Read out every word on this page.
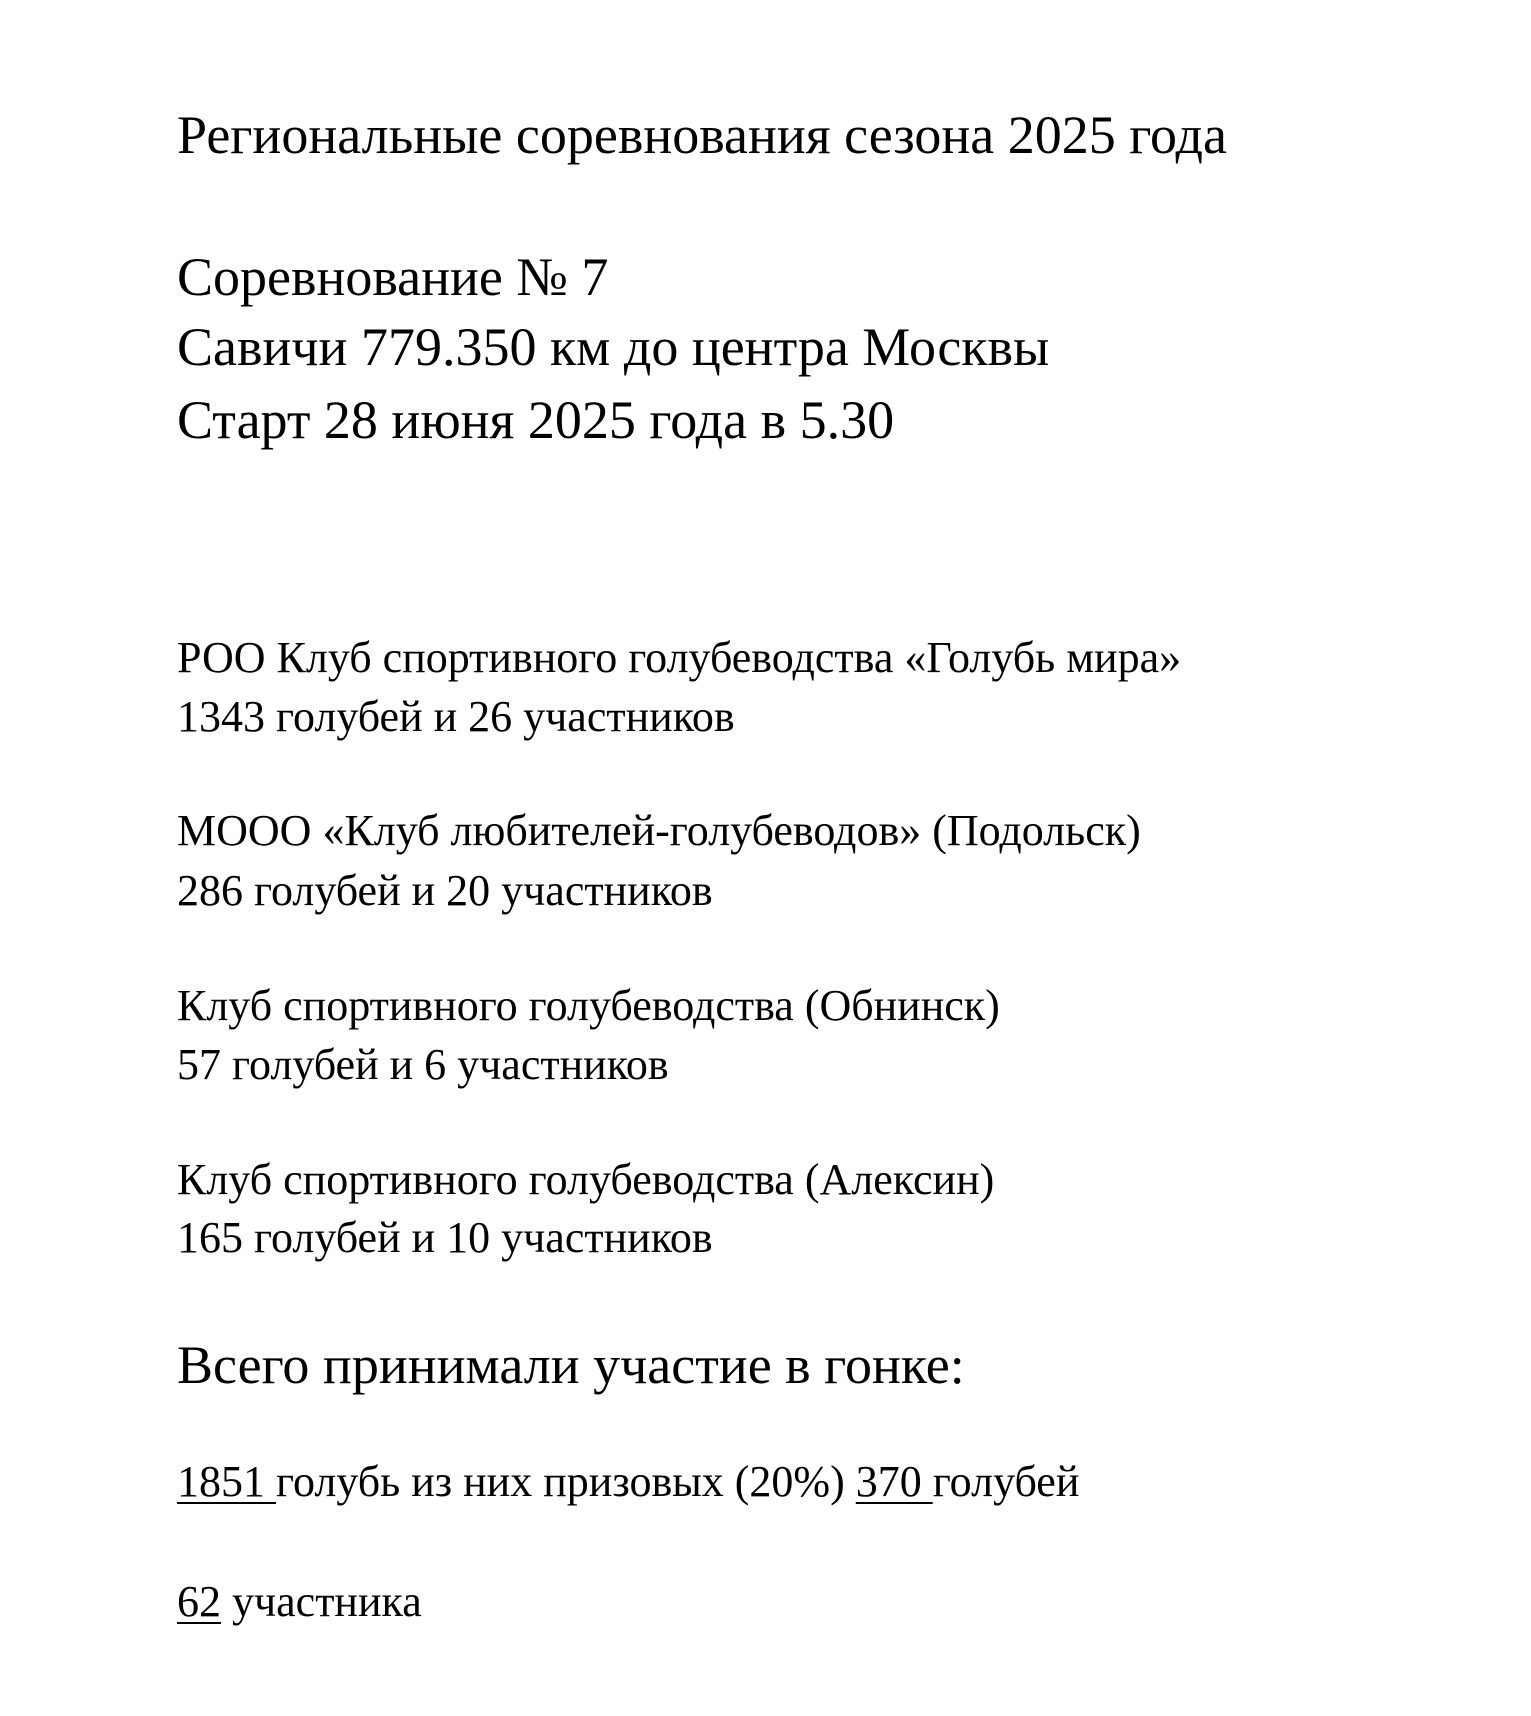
Региональные соревнования сезона 2025 года
Соревнование № 7
Савичи 779.350 км до центра Москвы
Старт 28 июня 2025 года в 5.30
РОО Клуб спортивного голубеводства «Голубь мира»
1343 голубей и 26 участников
МООО «Клуб любителей-голубеводов» (Подольск)
286 голубей и 20 участников
Клуб спортивного голубеводства (Обнинск)
57 голубей и 6 участников
Клуб спортивного голубеводства (Алексин)
165 голубей и 10 участников
Всего принимали участие в гонке:
1851 голубь из них призовых (20%) 370 голубей
62 участника
